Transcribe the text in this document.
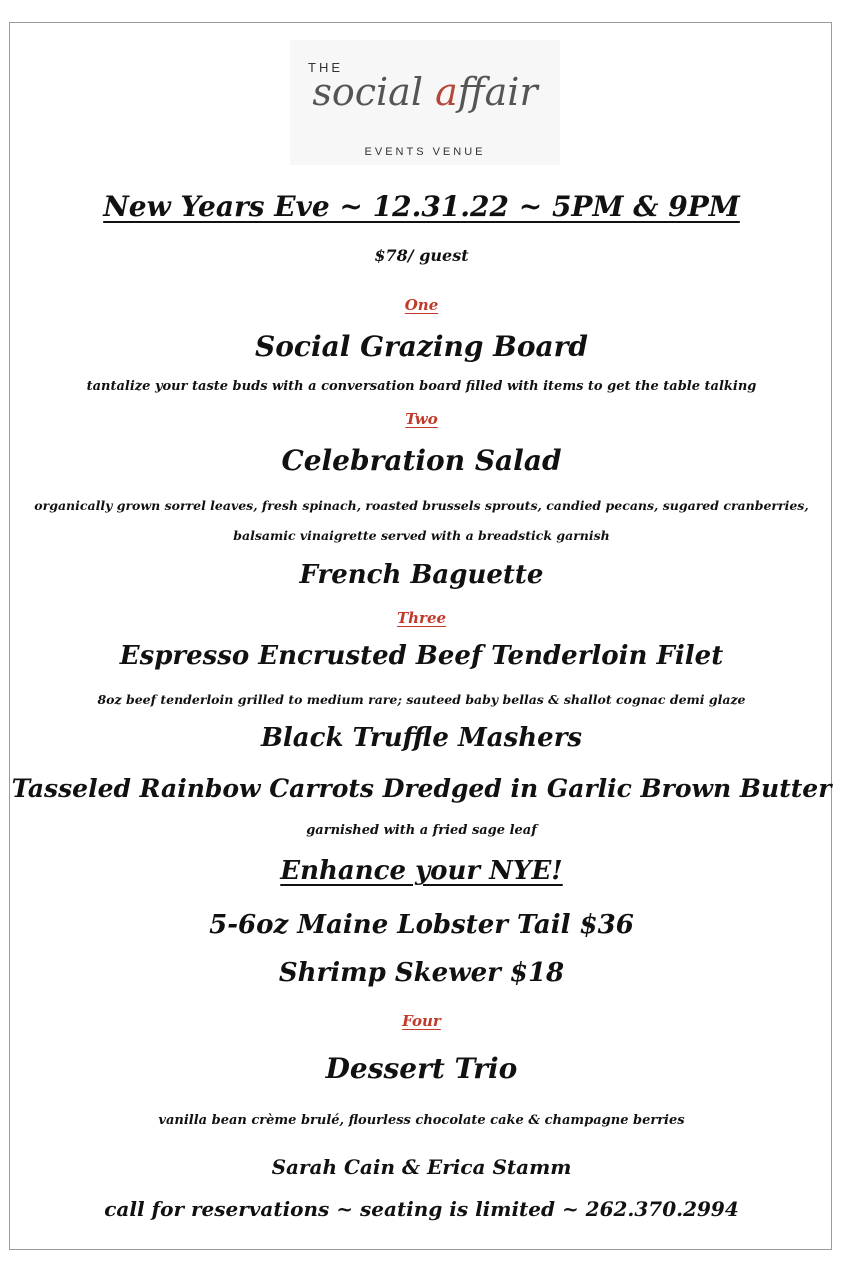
THE
social affair
EVENTS VENUE
New Years Eve ~ 12.31.22 ~ 5PM & 9PM
$78/ guest
One
Social Grazing Board
tantalize your taste buds with a conversation board filled with items to get the table talking
Two
Celebration Salad
organically grown sorrel leaves, fresh spinach, roasted brussels sprouts, candied pecans, sugared cranberries,
balsamic vinaigrette served with a breadstick garnish
French Baguette
Three
Espresso Encrusted Beef Tenderloin Filet
8oz beef tenderloin grilled to medium rare; sauteed baby bellas & shallot cognac demi glaze
Black Truffle Mashers
Tasseled Rainbow Carrots Dredged in Garlic Brown Butter
garnished with a fried sage leaf
Enhance your NYE!
5-6oz Maine Lobster Tail $36
Shrimp Skewer $18
Four
Dessert Trio
vanilla bean crème brulé, flourless chocolate cake & champagne berries
Sarah Cain & Erica Stamm
call for reservations ~ seating is limited ~ 262.370.2994
